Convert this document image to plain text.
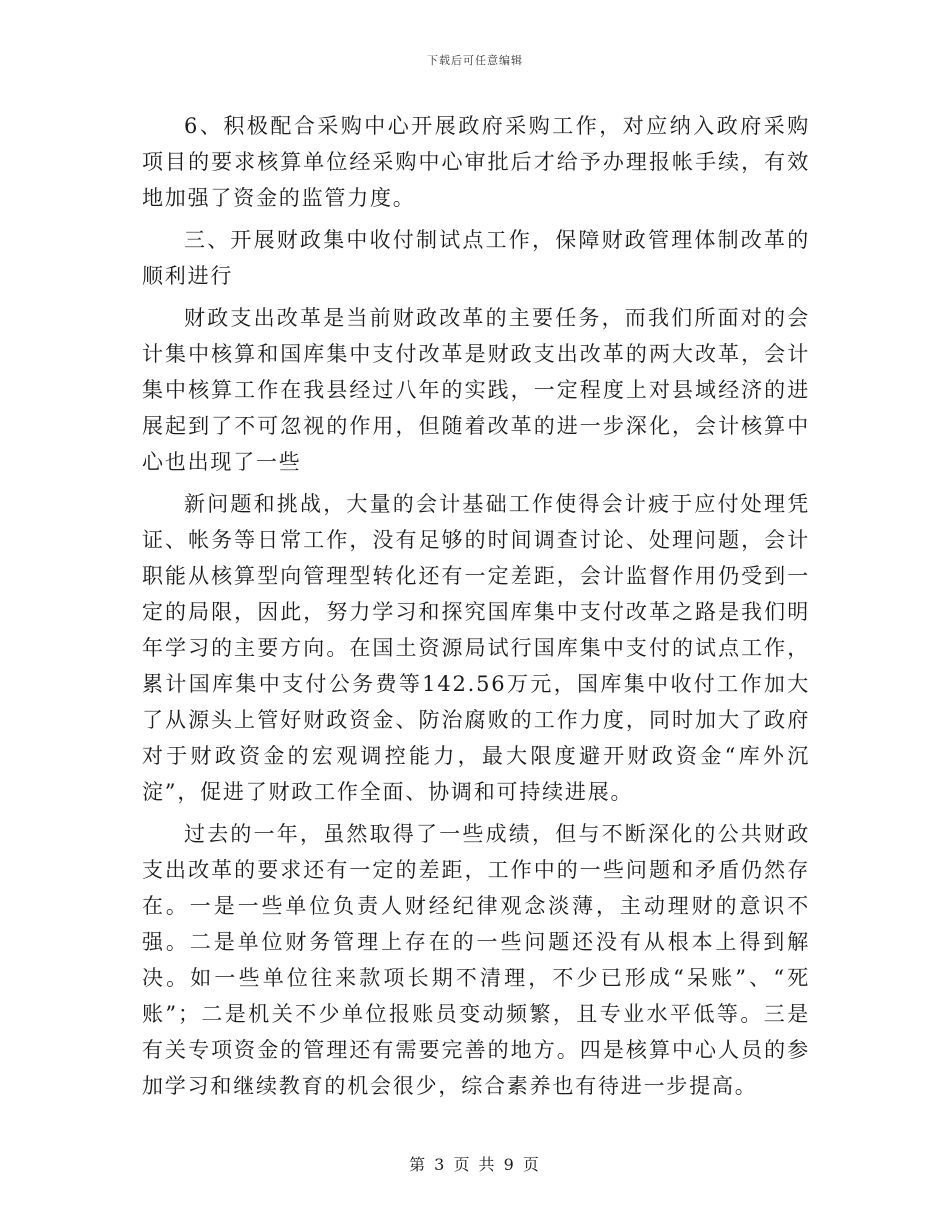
下载后可任意编辑

6、积极配合采购中心开展政府采购工作，对应纳入政府采购项目的要求核算单位经采购中心审批后才给予办理报帐手续，有效地加强了资金的监管力度。

三、开展财政集中收付制试点工作，保障财政管理体制改革的顺利进行

财政支出改革是当前财政改革的主要任务，而我们所面对的会计集中核算和国库集中支付改革是财政支出改革的两大改革，会计集中核算工作在我县经过八年的实践，一定程度上对县域经济的进展起到了不可忽视的作用，但随着改革的进一步深化，会计核算中心也出现了一些

新问题和挑战，大量的会计基础工作使得会计疲于应付处理凭证、帐务等日常工作，没有足够的时间调查讨论、处理问题，会计职能从核算型向管理型转化还有一定差距，会计监督作用仍受到一定的局限，因此，努力学习和探究国库集中支付改革之路是我们明年学习的主要方向。在国土资源局试行国库集中支付的试点工作，累计国库集中支付公务费等142.56万元，国库集中收付工作加大了从源头上管好财政资金、防治腐败的工作力度，同时加大了政府对于财政资金的宏观调控能力，最大限度避开财政资金“库外沉淀”，促进了财政工作全面、协调和可持续进展。

过去的一年，虽然取得了一些成绩，但与不断深化的公共财政支出改革的要求还有一定的差距，工作中的一些问题和矛盾仍然存在。一是一些单位负责人财经纪律观念淡薄，主动理财的意识不强。二是单位财务管理上存在的一些问题还没有从根本上得到解决。如一些单位往来款项长期不清理，不少已形成“呆账”、“死账”；二是机关不少单位报账员变动频繁，且专业水平低等。三是有关专项资金的管理还有需要完善的地方。四是核算中心人员的参加学习和继续教育的机会很少，综合素养也有待进一步提高。

第 3 页 共 9 页
